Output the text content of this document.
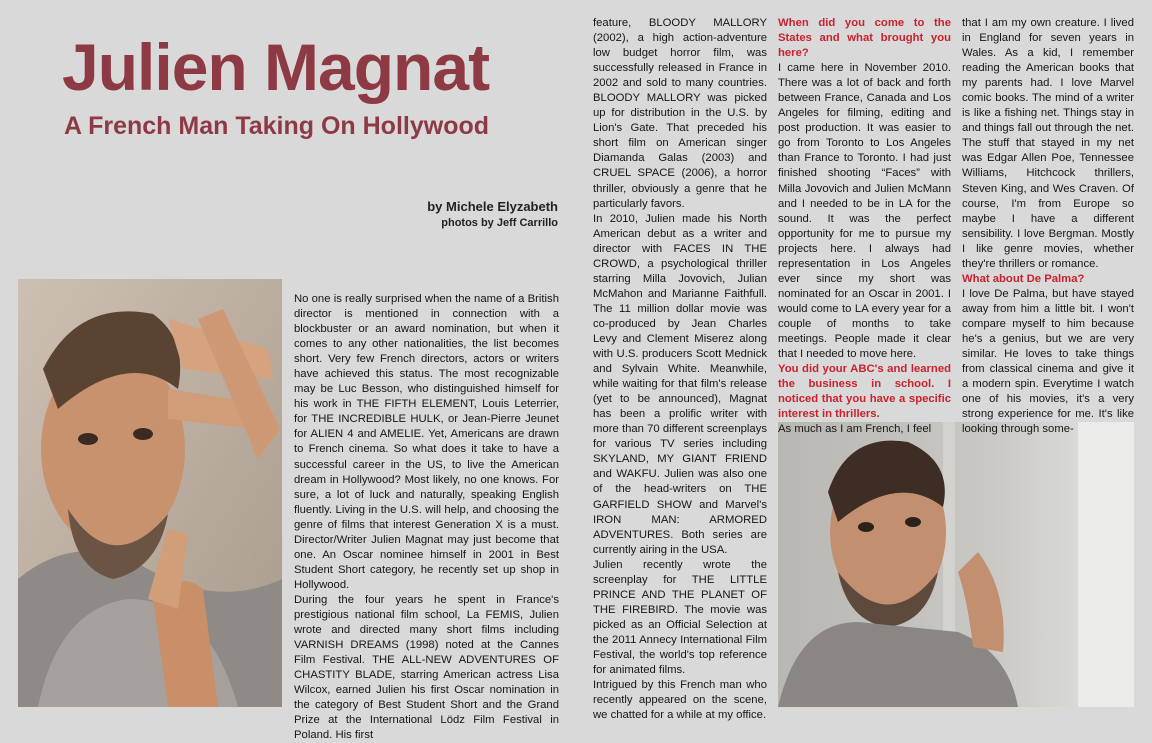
Julien Magnat
A French Man Taking On Hollywood
by Michele Elyzabeth
photos by Jeff Carrillo

No one is really surprised when the name of a British director is mentioned in connection with a blockbuster or an award nomination, but when it comes to any other nationalities, the list becomes short. Very few French directors, actors or writers have achieved this status. The most recognizable may be Luc Besson, who distinguished himself for his work in THE FIFTH ELEMENT, Louis Leterrier, for THE INCREDIBLE HULK, or Jean-Pierre Jeunet for ALIEN 4 and AMELIE. Yet, Americans are drawn to French cinema. So what does it take to have a successful career in the US, to live the American dream in Hollywood? Most likely, no one knows. For sure, a lot of luck and naturally, speaking English fluently. Living in the U.S. will help, and choosing the genre of films that interest Generation X is a must. Director/Writer Julien Magnat may just become that one. An Oscar nominee himself in 2001 in Best Student Short category, he recently set up shop in Hollywood.

During the four years he spent in France's prestigious national film school, La FEMIS, Julien wrote and directed many short films including VARNISH DREAMS (1998) noted at the Cannes Film Festival. THE ALL-NEW ADVENTURES OF CHASTITY BLADE, starring American actress Lisa Wilcox, earned Julien his first Oscar nomination in the category of Best Student Short and the Grand Prize at the International Lödz Film Festival in Poland. His first

feature, BLOODY MALLORY (2002), a high action-adventure low budget horror film, was successfully released in France in 2002 and sold to many countries. BLOODY MALLORY was picked up for distribution in the U.S. by Lion's Gate. That preceded his short film on American singer Diamanda Galas (2003) and CRUEL SPACE (2006), a horror thriller, obviously a genre that he particularly favors.

In 2010, Julien made his North American debut as a writer and director with FACES IN THE CROWD, a psychological thriller starring Milla Jovovich, Julian McMahon and Marianne Faithfull. The 11 million dollar movie was co-produced by Jean Charles Levy and Clement Miserez along with U.S. producers Scott Mednick and Sylvain White. Meanwhile, while waiting for that film's release (yet to be announced), Magnat has been a prolific writer with more than 70 different screenplays for various TV series including SKYLAND, MY GIANT FRIEND and WAKFU. Julien was also one of the head-writers on THE GARFIELD SHOW and Marvel's IRON MAN: ARMORED ADVENTURES. Both series are currently airing in the USA.

Julien recently wrote the screenplay for THE LITTLE PRINCE AND THE PLANET OF THE FIREBIRD. The movie was picked as an Official Selection at the 2011 Annecy International Film Festival, the world's top reference for animated films.

Intrigued by this French man who recently appeared on the scene, we chatted for a while at my office.

When did you come to the States and what brought you here?

I came here in November 2010. There was a lot of back and forth between France, Canada and Los Angeles for filming, editing and post production. It was easier to go from Toronto to Los Angeles than France to Toronto. I had just finished shooting “Faces” with Milla Jovovich and Julien McMann and I needed to be in LA for the sound. It was the perfect opportunity for me to pursue my projects here. I always had representation in Los Angeles ever since my short was nominated for an Oscar in 2001. I would come to LA every year for a couple of months to take meetings. People made it clear that I needed to move here.

You did your ABC's and learned the business in school. I noticed that you have a specific interest in thrillers.

As much as I am French, I feel

that I am my own creature. I lived in England for seven years in Wales. As a kid, I remember reading the American books that my parents had. I love Marvel comic books. The mind of a writer is like a fishing net. Things stay in and things fall out through the net. The stuff that stayed in my net was Edgar Allen Poe, Tennessee Williams, Hitchcock thrillers, Steven King, and Wes Craven. Of course, I'm from Europe so maybe I have a different sensibility. I love Bergman. Mostly I like genre movies, whether they're thrillers or romance.

What about De Palma?

I love De Palma, but have stayed away from him a little bit. I won't compare myself to him because he's a genius, but we are very similar. He loves to take things from classical cinema and give it a modern spin. Everytime I watch one of his movies, it's a very strong experience for me. It's like looking through some-
